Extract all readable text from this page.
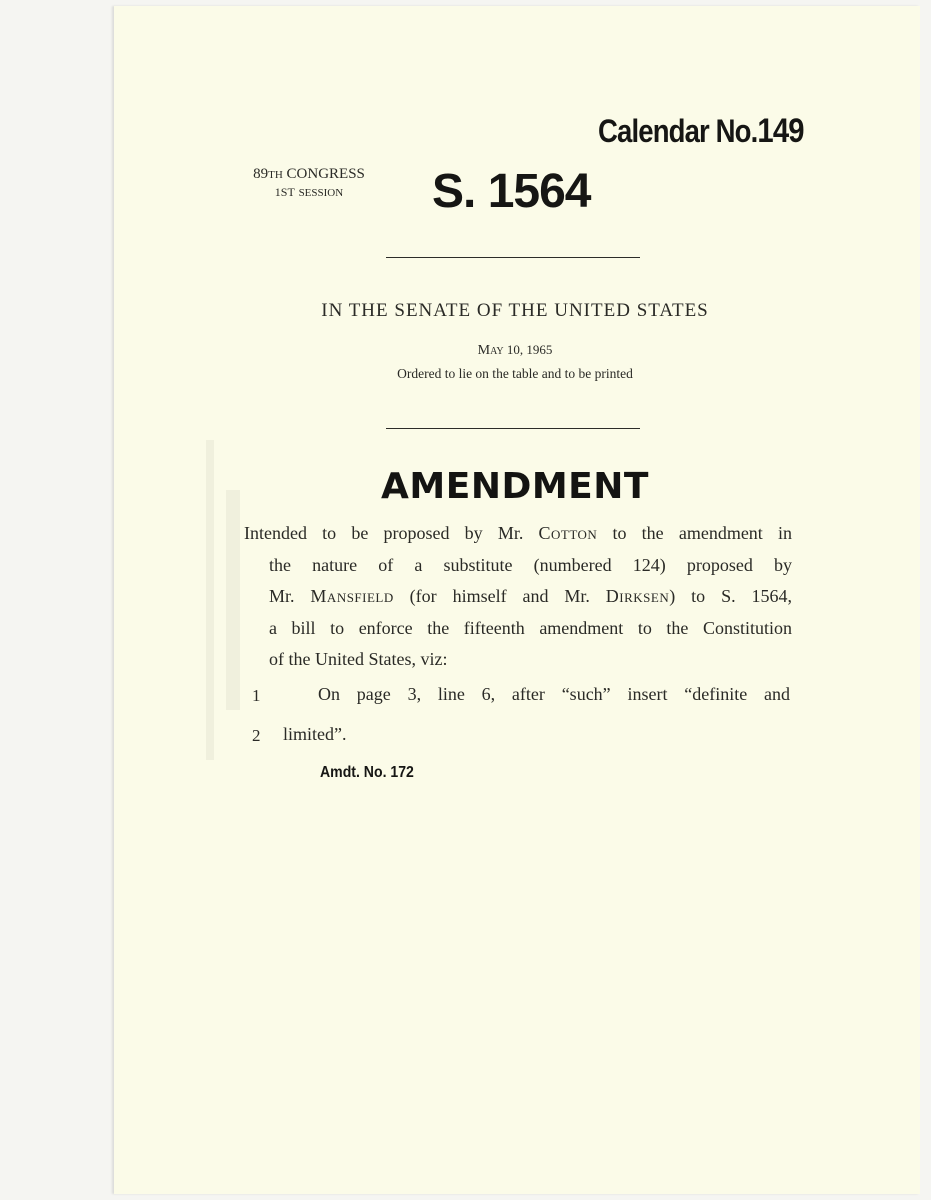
Calendar No.149
89TH CONGRESS
1ST SESSION	S. 1564
IN THE SENATE OF THE UNITED STATES
May 10, 1965
Ordered to lie on the table and to be printed
AMENDMENT
Intended to be proposed by Mr. Cotton to the amendment in
the nature of a substitute (numbered 124) proposed by
Mr. Mansfield (for himself and Mr. Dirksen) to S. 1564,
a bill to enforce the fifteenth amendment to the Constitution
of the United States, viz:
1	On page 3, line 6, after “such” insert “definite and
2 limited”.
Amdt. No. 172
